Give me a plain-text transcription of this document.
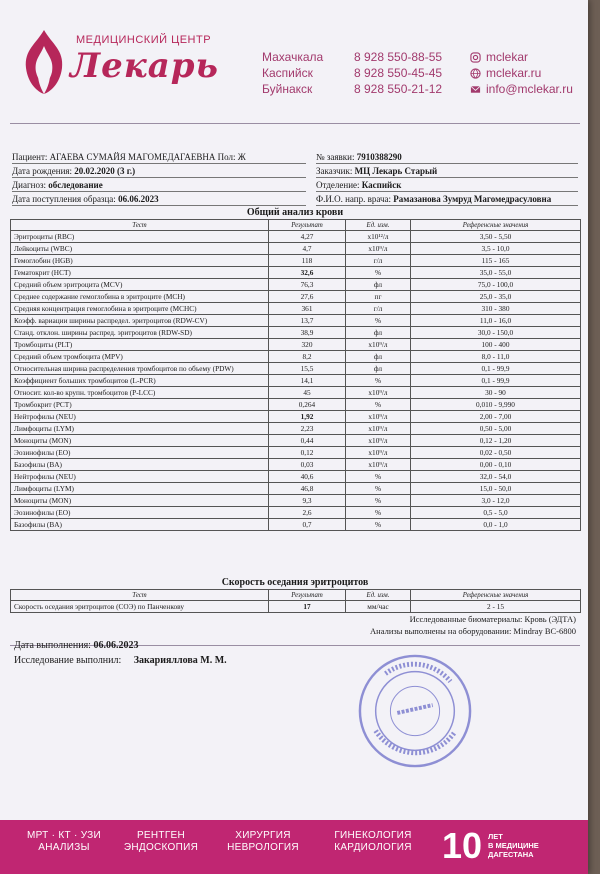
МЕДИЦИНСКИЙ ЦЕНТР
Лекарь	Махачкала	8 928 550-88-55	mclekar
Каспийск	8 928 550-45-45	mclekar.ru
Буйнакск	8 928 550-21-12	info@mclekar.ru
Пациент: АГАЕВА СУМАЙЯ МАГОМЕДАГАЕВНА Пол: Ж
Дата рождения: 20.02.2020 (3 г.)
Диагноз: обследование
Дата поступления образца: 06.06.2023
№ заявки: 7910388290
Заказчик: МЦ Лекарь Старый
Отделение: Каспийск
Ф.И.О. напр. врача: Рамазанова Зумруд Магомедрасуловна
Общий анализ крови
Тест	Результат	Ед. изм.	Референсные значения
Эритроциты (RBC)	4,27	x10¹²/л	3,50 - 5,50
Лейкоциты (WBC)	4,7	x10⁹/л	3,5 - 10,0
Гемоглобин (HGB)	118	г/л	115 - 165
Гематокрит (HCT)	32,6	%	35,0 - 55,0
Средний объем эритроцита (MCV)	76,3	фл	75,0 - 100,0
Среднее содержание гемоглобина в эритроците (MCH)	27,6	пг	25,0 - 35,0
Средняя концентрация гемоглобина в эритроците (MCHC)	361	г/л	310 - 380
Коэфф. вариации ширины распредел. эритроцитов (RDW-CV)	13,7	%	11,0 - 16,0
Станд. отклон. ширины распред. эритроцитов (RDW-SD)	38,9	фл	30,0 - 150,0
Тромбоциты (PLT)	320	x10⁹/л	100 - 400
Средний объем тромбоцита (MPV)	8,2	фл	8,0 - 11,0
Относительная ширина распределения тромбоцитов по объему (PDW)	15,5	фл	0,1 - 99,9
Коэффициент больших тромбоцитов (L-PCR)	14,1	%	0,1 - 99,9
Относит. кол-во крупн. тромбоцитов (P-LCC)	45	x10⁹/л	30 - 90
Тромбокрит (PCT)	0,264	%	0,010 - 9,990
Нейтрофилы (NEU)	1,92	x10⁹/л	2,00 - 7,00
Лимфоциты (LYM)	2,23	x10⁹/л	0,50 - 5,00
Моноциты (MON)	0,44	x10⁹/л	0,12 - 1,20
Эозинофилы (EO)	0,12	x10⁹/л	0,02 - 0,50
Базофилы (BA)	0,03	x10⁹/л	0,00 - 0,10
Нейтрофилы (NEU)	40,6	%	32,0 - 54,0
Лимфоциты (LYM)	46,8	%	15,0 - 50,0
Моноциты (MON)	9,3	%	3,0 - 12,0
Эозинофилы (EO)	2,6	%	0,5 - 5,0
Базофилы (BA)	0,7	%	0,0 - 1,0
Скорость оседания эритроцитов
Тест	Результат	Ед. изм.	Референсные значения
Скорость оседания эритроцитов (СОЭ) по Панченкову	17	мм/час	2 - 15
Исследованные биоматериалы: Кровь (ЭДТА)
Анализы выполнены на оборудовании: Mindray BC-6800
Дата выполнения: 06.06.2023
Исследование выполнил: Закарияллова М. М.
МРТ · КТ · УЗИ
АНАЛИЗЫ
РЕНТГЕН
ЭНДОСКОПИЯ
ХИРУРГИЯ
НЕВРОЛОГИЯ
ГИНЕКОЛОГИЯ
КАРДИОЛОГИЯ 10 ЛЕТ
В МЕДИЦИНЕ
ДАГЕСТАНА
